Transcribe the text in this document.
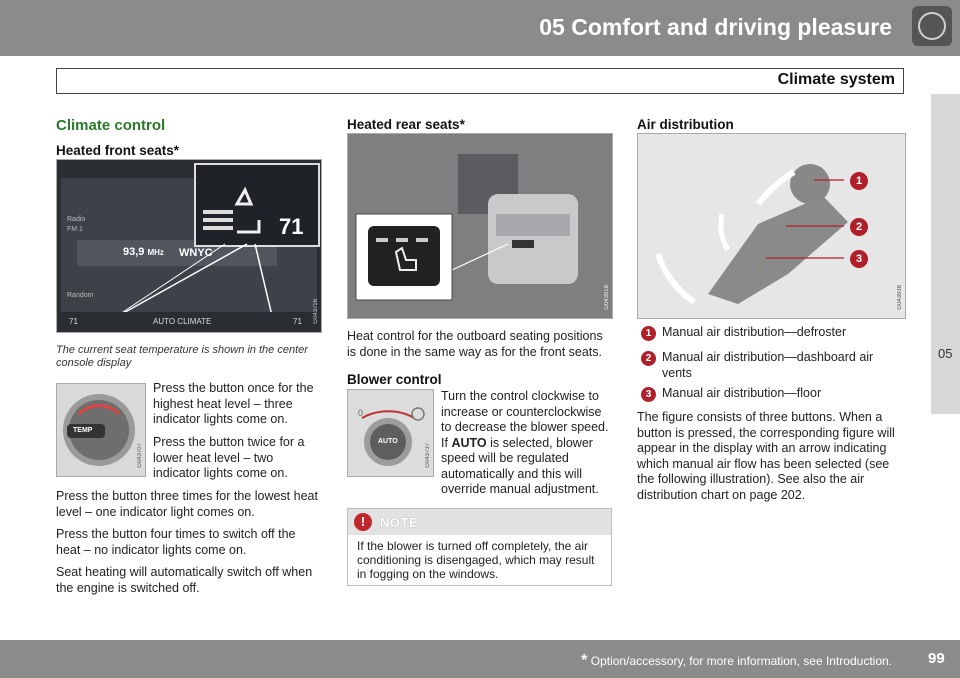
05 Comfort and driving pleasure
Climate system
05
Climate control
Heated front seats*
Radio
FM 1
Random
93,9 MHz WNYC
71
71	AUTO CLIMATE	71 G043716
The current seat temperature is shown in the center console display
TEMP
G043707
Press the button once for the highest heat level – three indicator lights come on.
Press the button twice for a lower heat level – two indicator lights come on.
Press the button three times for the lowest heat level – one indicator light comes on.
Press the button four times to switch off the heat – no indicator lights come on.
Seat heating will automatically switch off when the engine is switched off.
Heated rear seats*
G043918
Heat control for the outboard seating positions is done in the same way as for the front seats.
Blower control
0
AUTO
G043737
Turn the control clockwise to increase or counterclockwise to decrease the blower speed. If AUTO is selected, blower speed will be regulated automatically and this will override manual adjustment.
!	NOTE
If the blower is turned off completely, the air conditioning is disengaged, which may result in fogging on the windows.
Air distribution
1
2
3
G043938
1 Manual air distribution—defroster
2 Manual air distribution—dashboard air vents
3 Manual air distribution—floor
The figure consists of three buttons. When a button is pressed, the corresponding figure will appear in the display with an arrow indicating which manual air flow has been selected (see the following illustration). See also the air distribution chart on page 202.
* Option/accessory, for more information, see Introduction. 99
